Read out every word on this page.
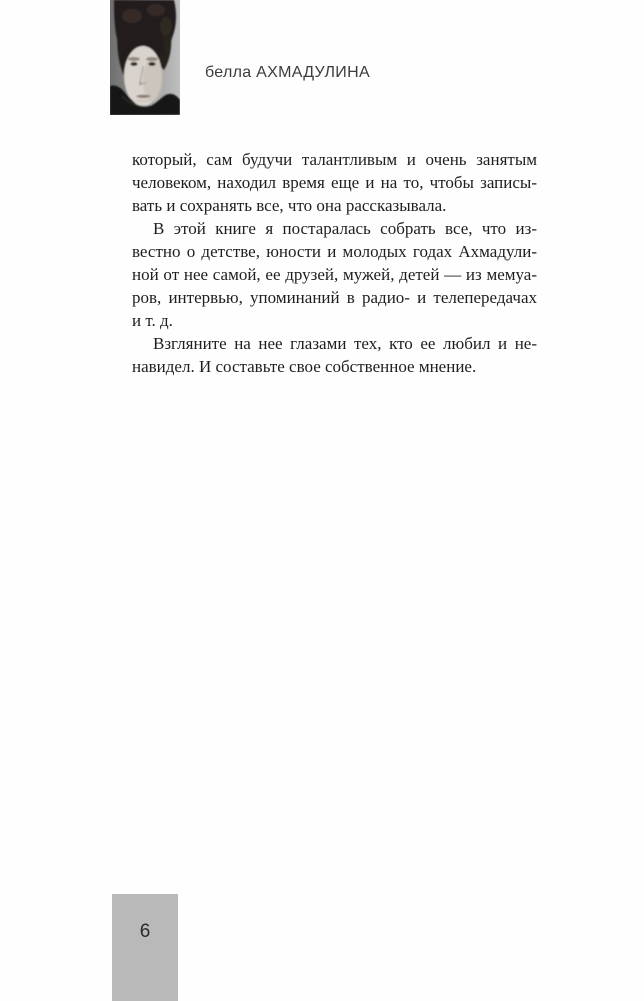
белла АХМАДУЛИНА
который, сам будучи талантливым и очень занятым
человеком, находил время еще и на то, чтобы записы-
вать и сохранять все, что она рассказывала.
В этой книге я постаралась собрать все, что из-
вестно о детстве, юности и молодых годах Ахмадули-
ной от нее самой, ее друзей, мужей, детей — из мемуа-
ров, интервью, упоминаний в радио- и телепередачах
и т. д.
Взгляните на нее глазами тех, кто ее любил и не-
навидел. И составьте свое собственное мнение.
6
